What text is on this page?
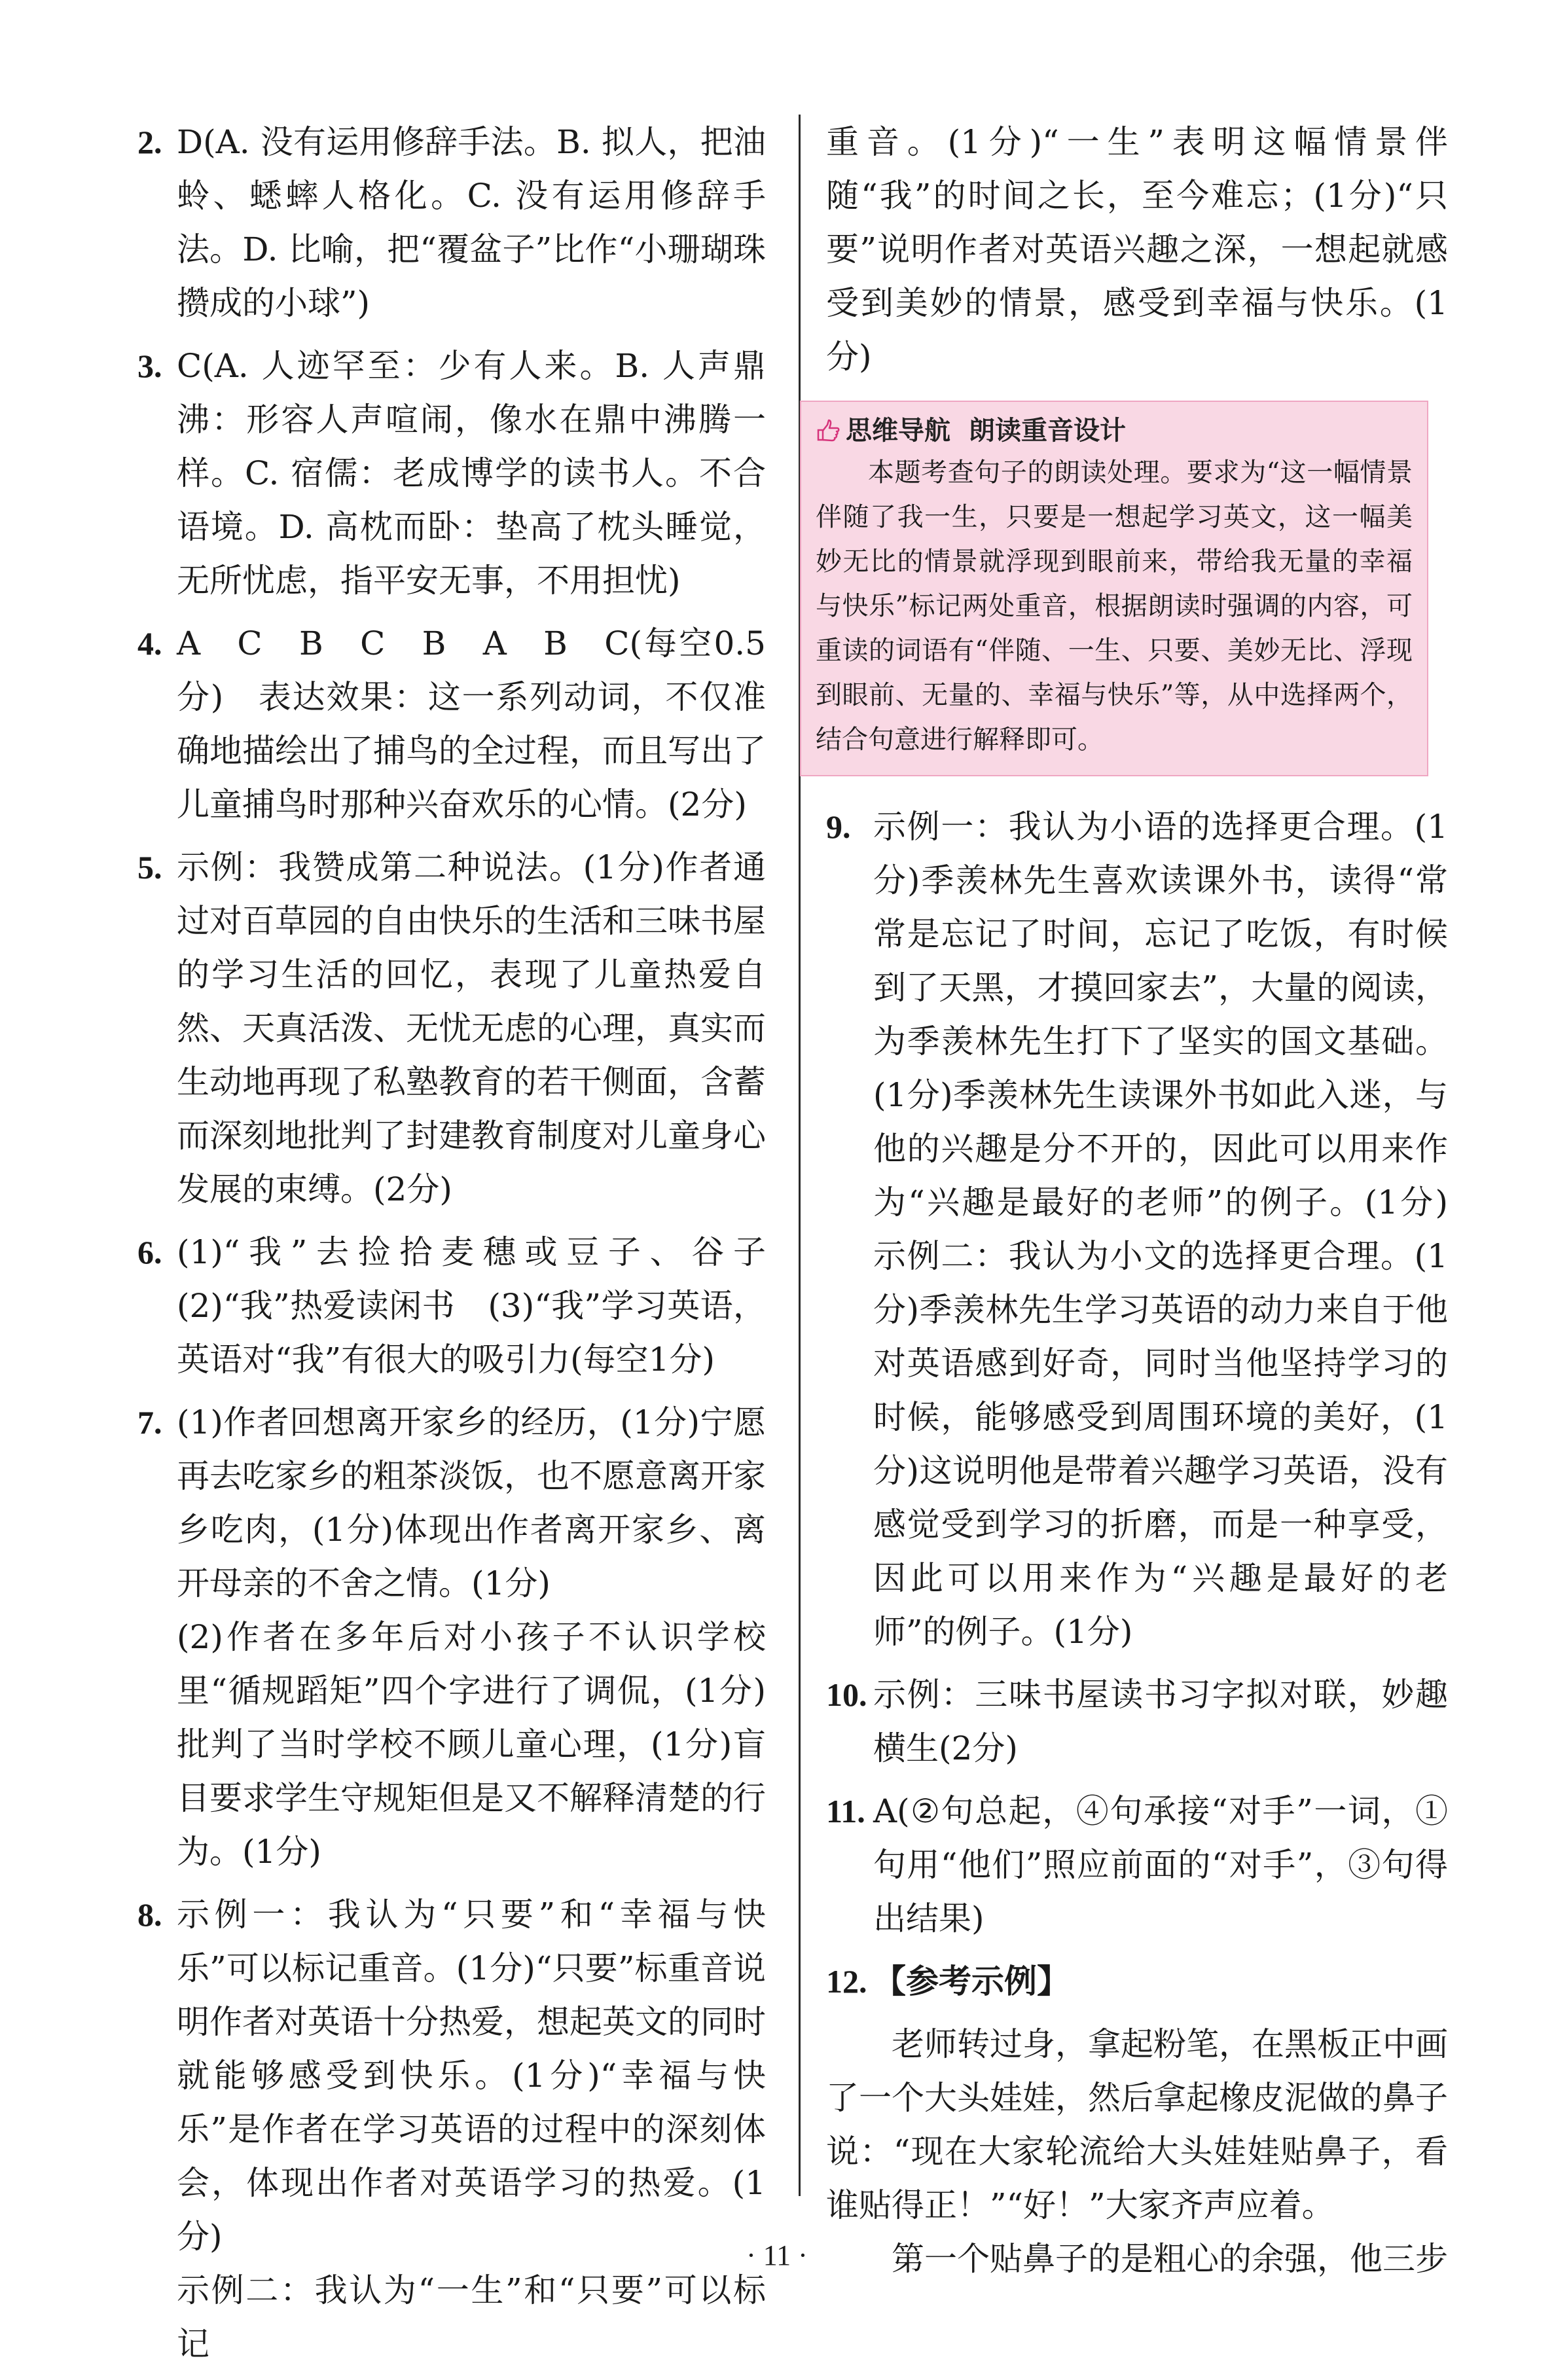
2. D(A. 没有运用修辞手法。B. 拟人，把油蛉、蟋蟀人格化。C. 没有运用修辞手法。D. 比喻，把“覆盆子”比作“小珊瑚珠攒成的小球”)
3. C(A. 人迹罕至：少有人来。B. 人声鼎沸：形容人声喧闹，像水在鼎中沸腾一样。C. 宿儒：老成博学的读书人。不合语境。D. 高枕而卧：垫高了枕头睡觉，无所忧虑，指平安无事，不用担忧)
4. A　C　B　C　B　A　B　C(每空0.5分)　表达效果：这一系列动词，不仅准确地描绘出了捕鸟的全过程，而且写出了儿童捕鸟时那种兴奋欢乐的心情。(2分)
5. 示例：我赞成第二种说法。(1分)作者通过对百草园的自由快乐的生活和三味书屋的学习生活的回忆，表现了儿童热爱自然、天真活泼、无忧无虑的心理，真实而生动地再现了私塾教育的若干侧面，含蓄而深刻地批判了封建教育制度对儿童身心发展的束缚。(2分)
6. (1)“我”去捡拾麦穗或豆子、谷子　(2)“我”热爱读闲书　(3)“我”学习英语，英语对“我”有很大的吸引力(每空1分)
7. (1)作者回想离开家乡的经历，(1分)宁愿再去吃家乡的粗茶淡饭，也不愿意离开家乡吃肉，(1分)体现出作者离开家乡、离开母亲的不舍之情。(1分)
(2)作者在多年后对小孩子不认识学校里“循规蹈矩”四个字进行了调侃，(1分)批判了当时学校不顾儿童心理，(1分)盲目要求学生守规矩但是又不解释清楚的行为。(1分)
8. 示例一：我认为“只要”和“幸福与快乐”可以标记重音。(1分)“只要”标重音说明作者对英语十分热爱，想起英文的同时就能够感受到快乐。(1分)“幸福与快乐”是作者在学习英语的过程中的深刻体会，体现出作者对英语学习的热爱。(1分)
示例二：我认为“一生”和“只要”可以标记
重音。(1分)“一生”表明这幅情景伴随“我”的时间之长，至今难忘；(1分)“只要”说明作者对英语兴趣之深，一想起就感受到美妙的情景，感受到幸福与快乐。(1分)
思维导航 朗读重音设计
本题考查句子的朗读处理。要求为“这一幅情景伴随了我一生，只要是一想起学习英文，这一幅美妙无比的情景就浮现到眼前来，带给我无量的幸福与快乐”标记两处重音，根据朗读时强调的内容，可重读的词语有“伴随、一生、只要、美妙无比、浮现到眼前、无量的、幸福与快乐”等，从中选择两个，结合句意进行解释即可。
9. 示例一：我认为小语的选择更合理。(1分)季羡林先生喜欢读课外书，读得“常常是忘记了时间，忘记了吃饭，有时候到了天黑，才摸回家去”，大量的阅读，为季羡林先生打下了坚实的国文基础。(1分)季羡林先生读课外书如此入迷，与他的兴趣是分不开的，因此可以用来作为“兴趣是最好的老师”的例子。(1分)　示例二：我认为小文的选择更合理。(1分)季羡林先生学习英语的动力来自于他对英语感到好奇，同时当他坚持学习的时候，能够感受到周围环境的美好，(1分)这说明他是带着兴趣学习英语，没有感觉受到学习的折磨，而是一种享受，因此可以用来作为“兴趣是最好的老师”的例子。(1分)
10. 示例：三味书屋读书习字拟对联，妙趣横生(2分)
11. A(②句总起，④句承接“对手”一词，①句用“他们”照应前面的“对手”，③句得出结果)
12. 【参考示例】
老师转过身，拿起粉笔，在黑板正中画了一个大头娃娃，然后拿起橡皮泥做的鼻子说：“现在大家轮流给大头娃娃贴鼻子，看谁贴得正！”“好！”大家齐声应着。
第一个贴鼻子的是粗心的余强，他三步
· 11 ·
